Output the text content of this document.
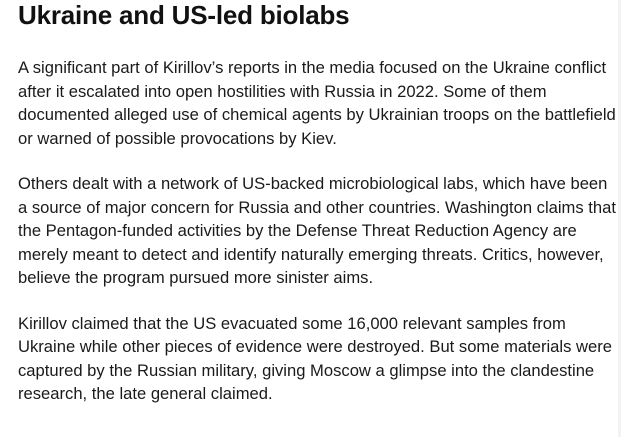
Ukraine and US-led biolabs

A significant part of Kirillov’s reports in the media focused on the Ukraine conflict after it escalated into open hostilities with Russia in 2022. Some of them documented alleged use of chemical agents by Ukrainian troops on the battlefield or warned of possible provocations by Kiev.

Others dealt with a network of US-backed microbiological labs, which have been a source of major concern for Russia and other countries. Washington claims that the Pentagon-funded activities by the Defense Threat Reduction Agency are merely meant to detect and identify naturally emerging threats. Critics, however, believe the program pursued more sinister aims.

Kirillov claimed that the US evacuated some 16,000 relevant samples from Ukraine while other pieces of evidence were destroyed. But some materials were captured by the Russian military, giving Moscow a glimpse into the clandestine research, the late general claimed.
